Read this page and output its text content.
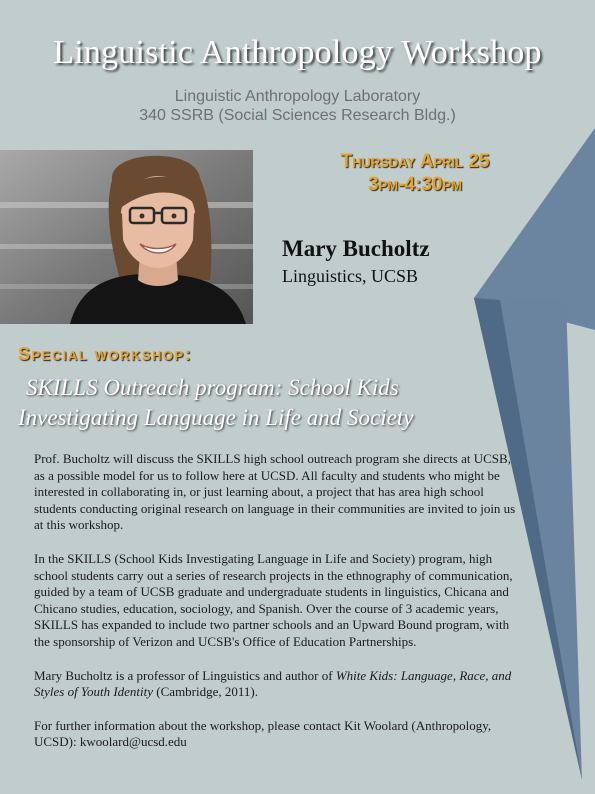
Linguistic Anthropology Workshop
Linguistic Anthropology Laboratory
340 SSRB (Social Sciences Research Bldg.)
Thursday April 25
3pm-4:30pm
Mary Bucholtz
Linguistics, UCSB
Special workshop:
SKILLS Outreach program: School Kids
Investigating Language in Life and Society

Prof. Bucholtz will discuss the SKILLS high school outreach program she directs at UCSB, as a possible model for us to follow here at UCSD. All faculty and students who might be interested in collaborating in, or just learning about, a project that has area high school students conducting original research on language in their communities are invited to join us at this workshop.

In the SKILLS (School Kids Investigating Language in Life and Society) program, high school students carry out a series of research projects in the ethnography of communication, guided by a team of UCSB graduate and undergraduate students in linguistics, Chicana and Chicano studies, education, sociology, and Spanish. Over the course of 3 academic years, SKILLS has expanded to include two partner schools and an Upward Bound program, with the sponsorship of Verizon and UCSB's Office of Education Partnerships.

Mary Bucholtz is a professor of Linguistics and author of White Kids: Language, Race, and Styles of Youth Identity (Cambridge, 2011).

For further information about the workshop, please contact Kit Woolard (Anthropology, UCSD): kwoolard@ucsd.edu
